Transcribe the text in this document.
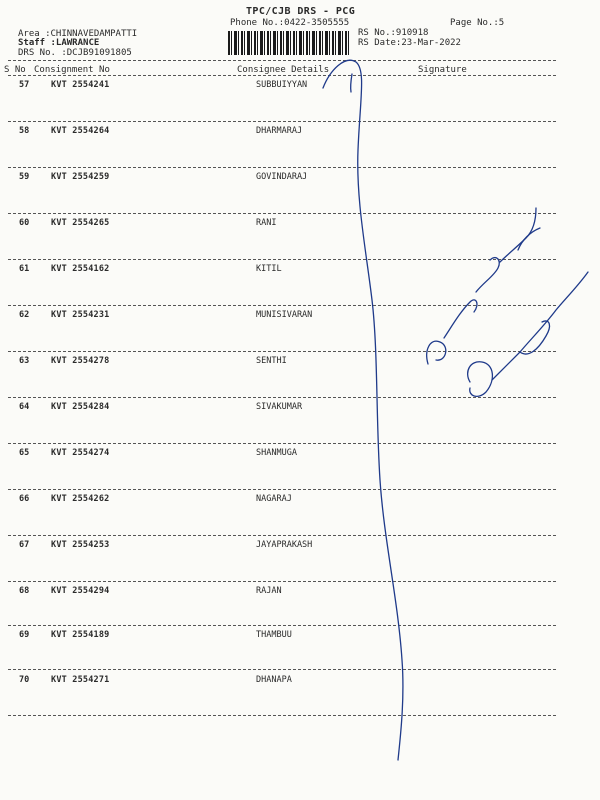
TPC/CJB DRS - PCG
Phone No.:0422-3505555	Page No.:5
Area :CHINNAVEDAMPATTI
Staff :LAWRANCE
DRS No. :DCJB91091805
RS No.:910918
RS Date:23-Mar-2022
S No Consignment No	Consignee Details	Signature
57	KVT 2554241	SUBBUIYYAN
58	KVT 2554264	DHARMARAJ
59	KVT 2554259	GOVINDARAJ
60	KVT 2554265	RANI
61	KVT 2554162	KITIL
62	KVT 2554231	MUNISIVARAN
63	KVT 2554278	SENTHI
64	KVT 2554284	SIVAKUMAR
65	KVT 2554274	SHANMUGA
66	KVT 2554262	NAGARAJ
67	KVT 2554253	JAYAPRAKASH
68	KVT 2554294	RAJAN
69	KVT 2554189	THAMBUU
70	KVT 2554271	DHANAPA
